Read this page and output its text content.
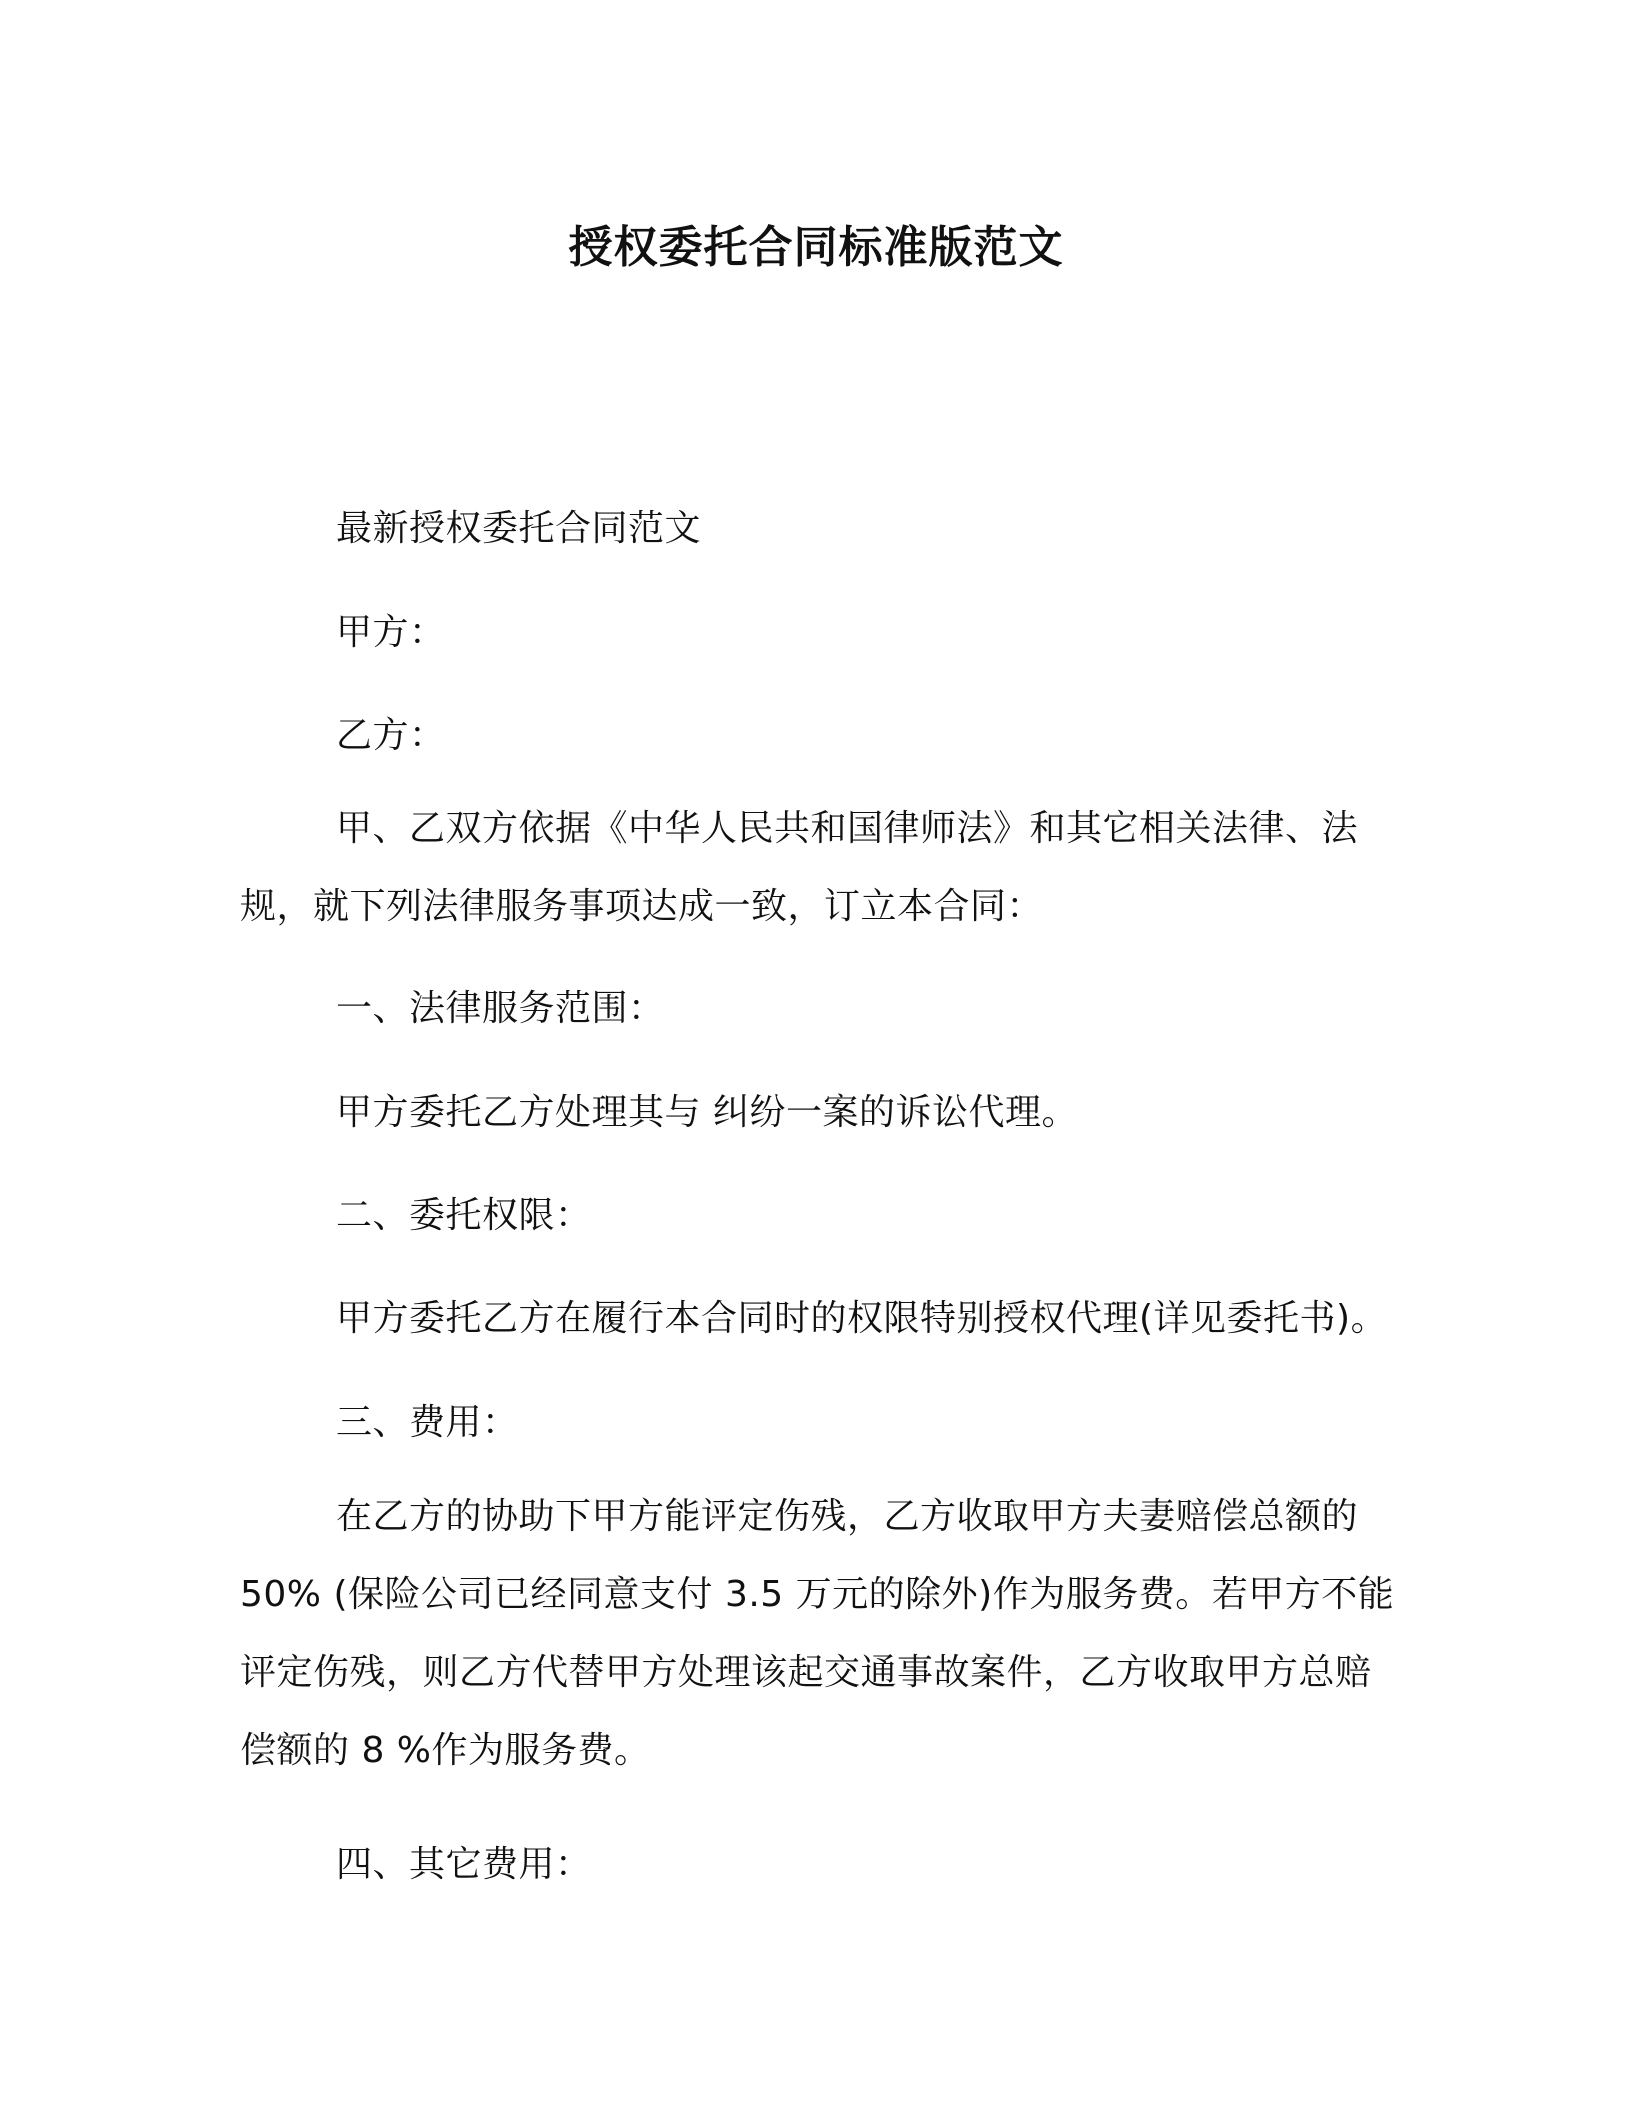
授权委托合同标准版范文
最新授权委托合同范文
甲方：
乙方：
甲、乙双方依据《中华人民共和国律师法》和其它相关法律、法规，就下列法律服务事项达成一致，订立本合同：
一、法律服务范围：
甲方委托乙方处理其与 纠纷一案的诉讼代理。
二、委托权限：
甲方委托乙方在履行本合同时的权限特别授权代理(详见委托书)。
三、费用：
在乙方的协助下甲方能评定伤残，乙方收取甲方夫妻赔偿总额的 50% (保险公司已经同意支付 3.5 万元的除外)作为服务费。若甲方不能评定伤残，则乙方代替甲方处理该起交通事故案件，乙方收取甲方总赔偿额的 8 %作为服务费。
四、其它费用：
